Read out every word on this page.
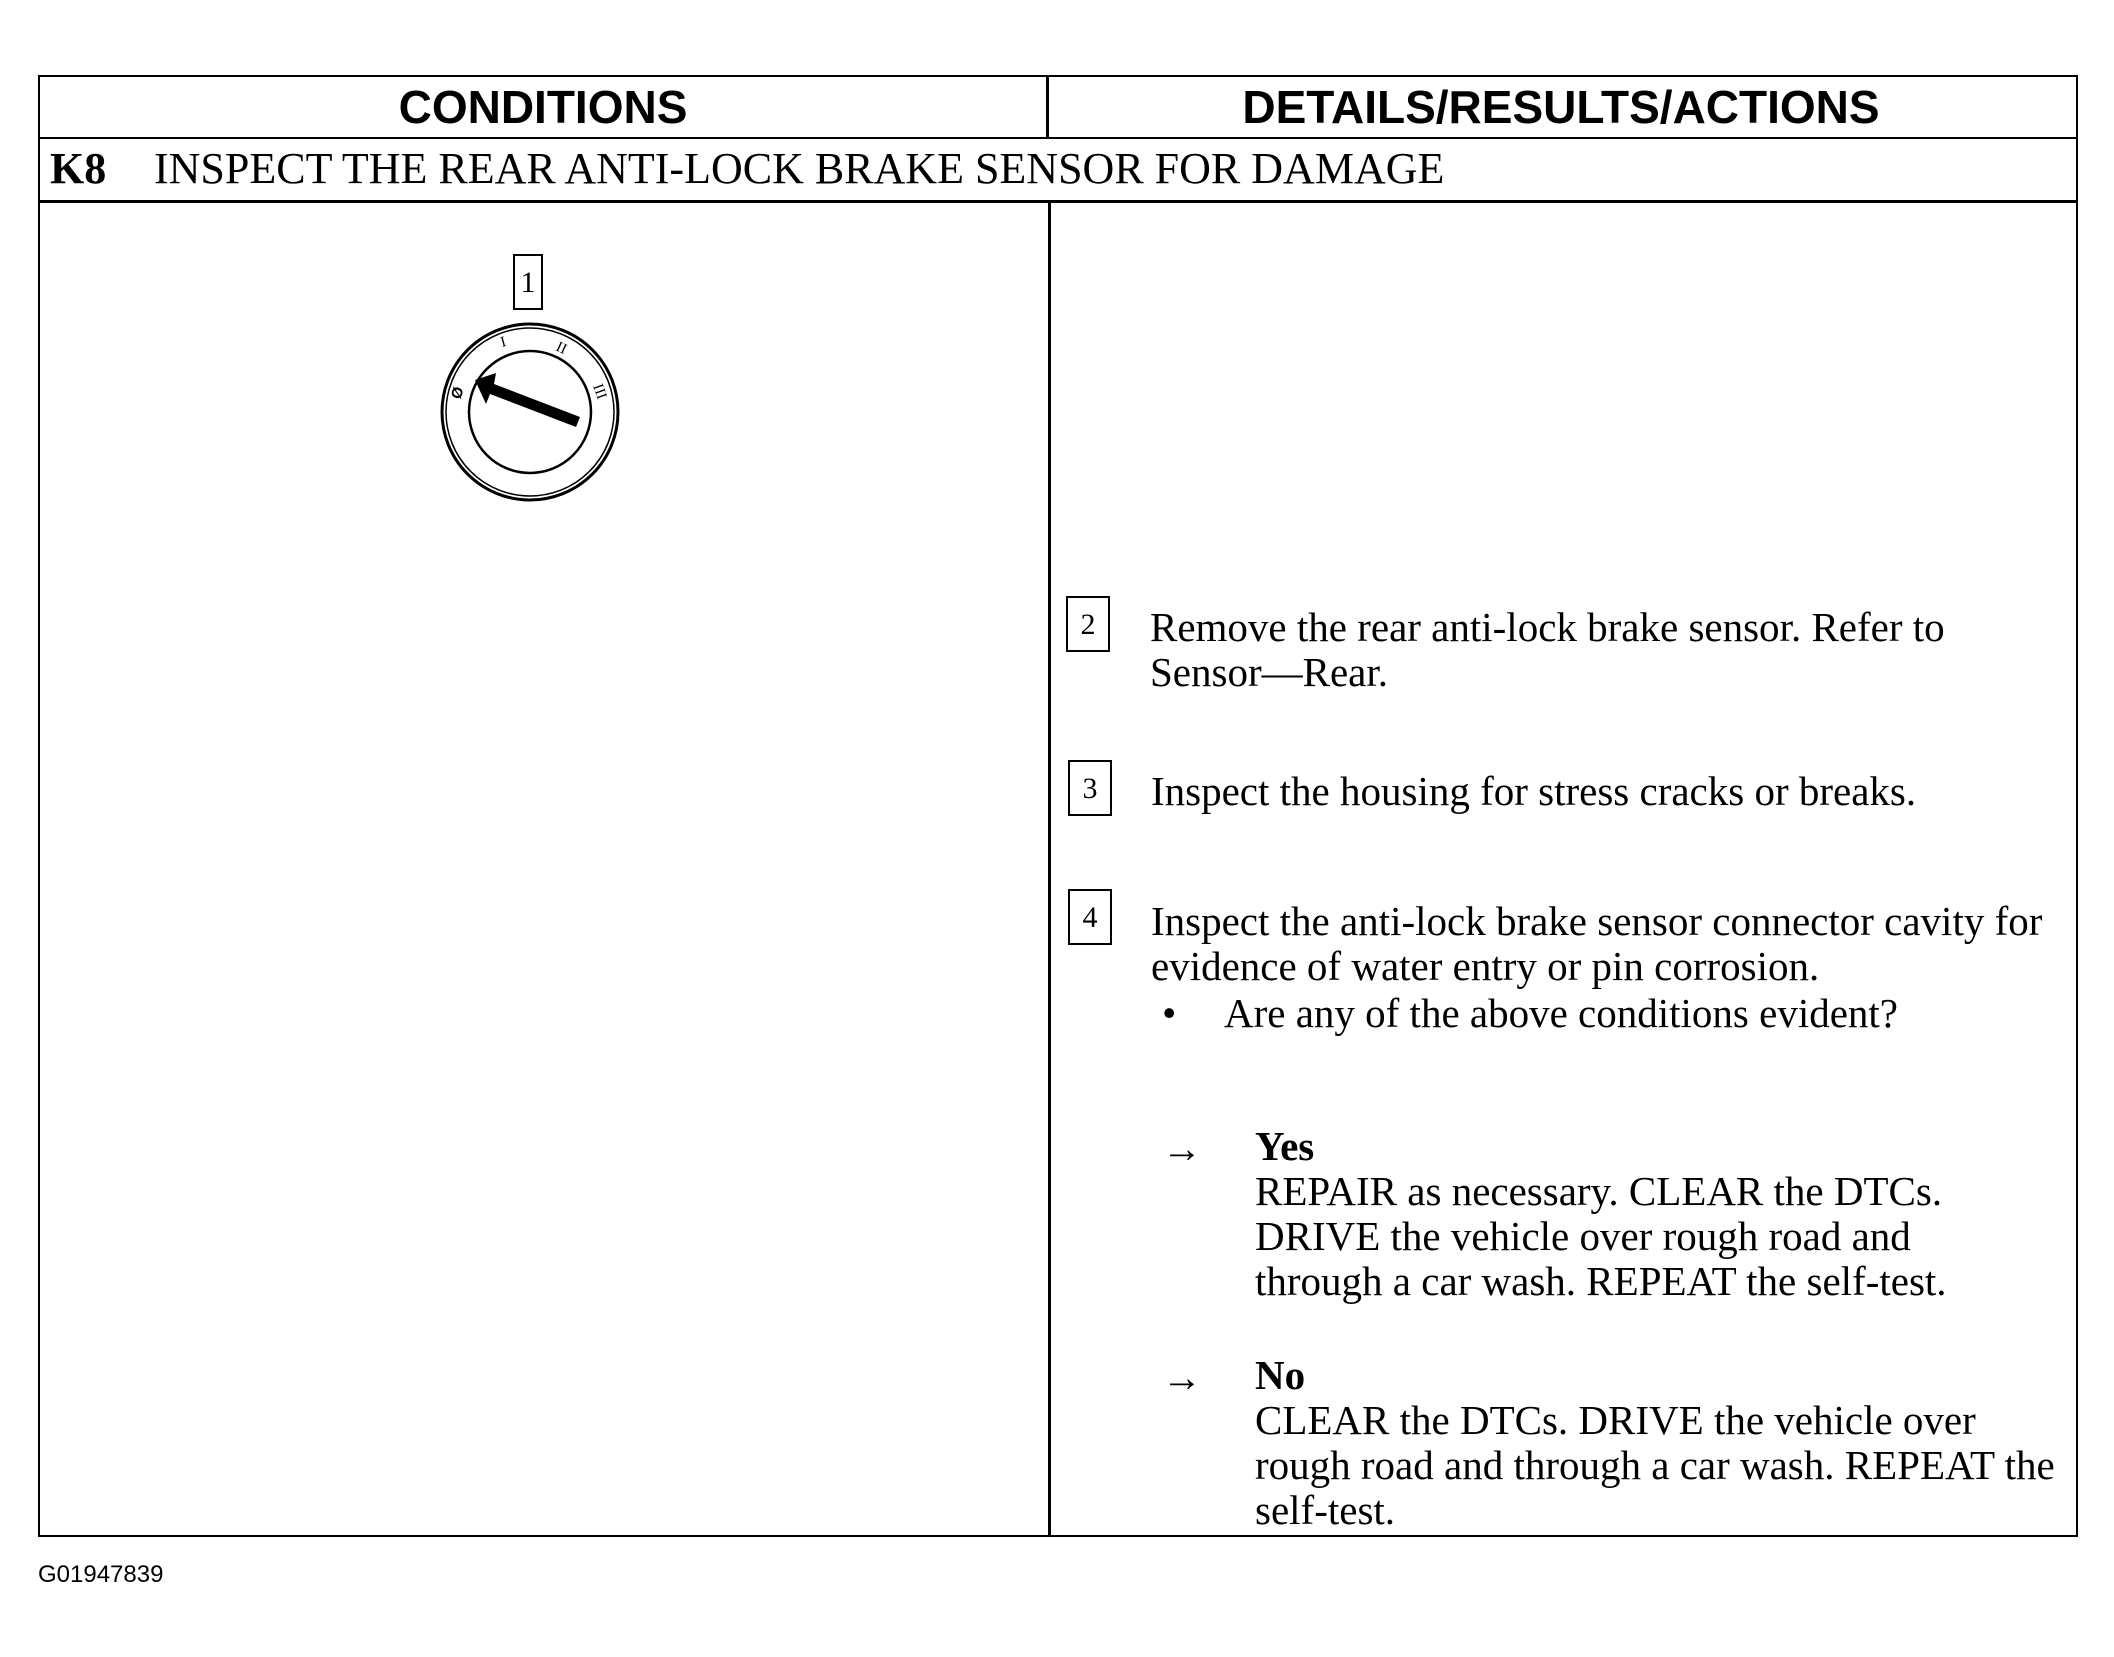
CONDITIONS	DETAILS/RESULTS/ACTIONS
K8 INSPECT THE REAR ANTI-LOCK BRAKE SENSOR FOR DAMAGE
1
Ø
I	II
III
2	Remove the rear anti-lock brake sensor. Refer to Sensor—Rear.
3	Inspect the housing for stress cracks or breaks.
4	Inspect the anti-lock brake sensor connector cavity for evidence of water entry or pin corrosion.
• Are any of the above conditions evident?
→ Yes
REPAIR as necessary. CLEAR the DTCs. DRIVE the vehicle over rough road and through a car wash. REPEAT the self-test.
→ No
CLEAR the DTCs. DRIVE the vehicle over rough road and through a car wash. REPEAT the self-test.
G01947839
